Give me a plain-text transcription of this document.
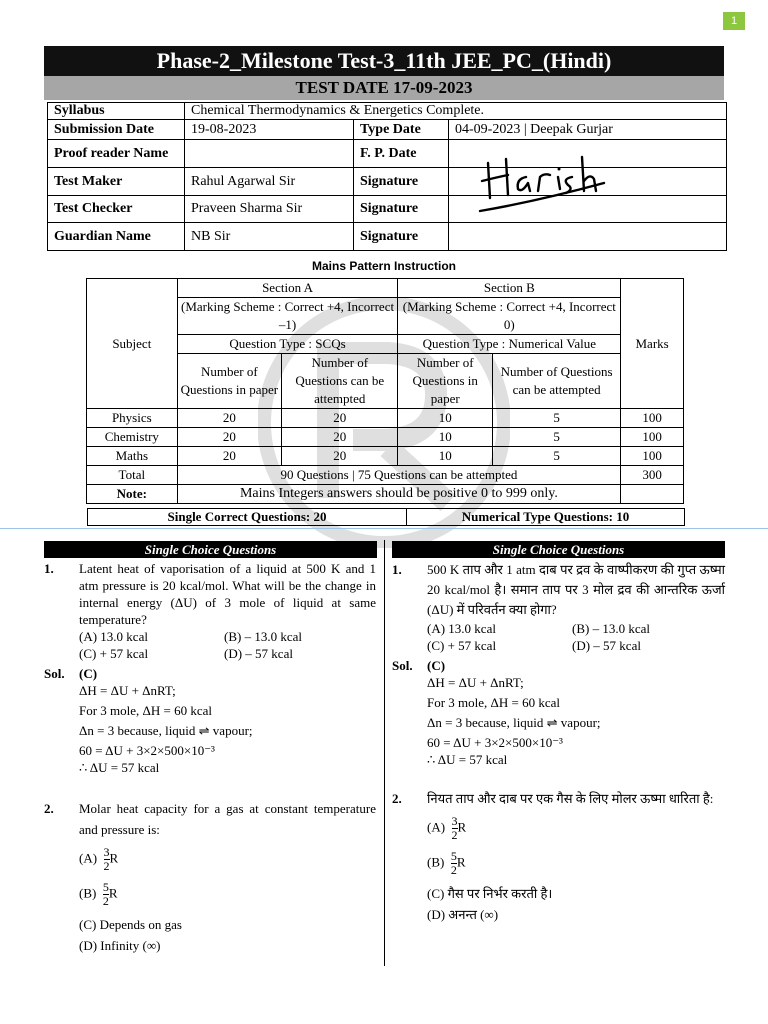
1
Phase-2_Milestone Test-3_11th JEE_PC_(Hindi)
TEST DATE 17-09-2023
Syllabus	Chemical Thermodynamics & Energetics Complete.		
Submission Date	19-08-2023	Type Date	04-09-2023 | Deepak Gurjar
Proof reader Name		F. P. Date	
Test Maker	Rahul Agarwal Sir	Signature	
Test Checker	Praveen Sharma Sir	Signature	
Guardian Name	NB Sir	Signature	
Mains Pattern Instruction
Subject	Section A		Section B		Marks
	(Marking Scheme : Correct +4, Incorrect –1)		(Marking Scheme : Correct +4, Incorrect 0)		
	Question Type : SCQs		Question Type : Numerical Value		
	Number of Questions in paper	Number of Questions can be attempted	Number of Questions in paper	Number of Questions can be attempted	
Physics	20	20	10	5	100
Chemistry	20	20	10	5	100
Maths	20	20	10	5	100
Total	90 Questions | 75 Questions can be attempted				300
Note:	Mains Integers answers should be positive 0 to 999 only.				
Single Correct Questions: 20	Numerical Type Questions: 10
Single Choice Questions	Single Choice Questions
1. Latent heat of vaporisation of a liquid at 500 K and 1 atm pressure is 20 kcal/mol. What will be the change in internal energy (ΔU) of 3 mole of liquid at same temperature?
(A) 13.0 kcal	(B) – 13.0 kcal
(C) + 57 kcal	(D) – 57 kcal
Sol. (C)
ΔH = ΔU + ΔnRT;
For 3 mole, ΔH = 60 kcal
Δn = 3 because, liquid ⇌ vapour;
60 = ΔU + 3×2×500×10⁻³
∴ ΔU = 57 kcal
2. Molar heat capacity for a gas at constant temperature and pressure is:
$(A) \frac{3}{2}$ R
$(B) \frac{5}{2}$ R
(C) Depends on gas
(D) Infinity (∞)
1. 500 K ताप और 1 atm दाब पर द्रव के वाष्पीकरण की गुप्त ऊष्मा 20 kcal/mol है। समान ताप पर 3 मोल द्रव की आन्तरिक ऊर्जा (ΔU) में परिवर्तन क्या होगा?
(A) 13.0 kcal	(B) – 13.0 kcal
(C) + 57 kcal	(D) – 57 kcal
Sol. (C)
ΔH = ΔU + ΔnRT;
For 3 mole, ΔH = 60 kcal
Δn = 3 because, liquid ⇌ vapour;
60 = ΔU + 3×2×500×10⁻³
∴ ΔU = 57 kcal
2. नियत ताप और दाब पर एक गैस के लिए मोलर ऊष्मा धारिता है:
$(A) \frac{3}{2}$ R
$(B) \frac{5}{2}$ R
(C) गैस पर निर्भर करती है।
(D) अनन्त (∞)
